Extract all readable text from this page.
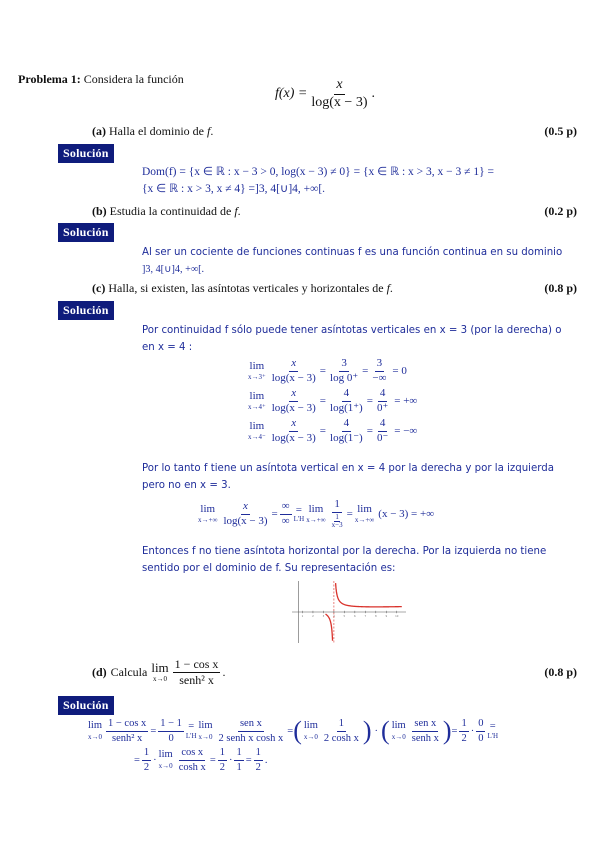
Problema 1: Considera la función
$f(x) = \frac{x}{\log(x - 3)}$ .
(a) Halla el dominio de f.	(0.5 p)
Solución
Dom(f) = {x ∈ ℝ : x − 3 > 0, log(x − 3) ≠ 0} = {x ∈ ℝ : x > 3, x − 3 ≠ 1} =
{x ∈ ℝ : x > 3, x ≠ 4} =]3, 4[∪]4, +∞[.
(b) Estudia la continuidad de f.	(0.2 p)
Solución
Al ser un cociente de funciones continuas f es una función continua en su dominio
]3, 4[∪]4, +∞[.
(c) Halla, si existen, las asíntotas verticales y horizontales de f.	(0.8 p)
Solución
Por continuidad f sólo puede tener asíntotas verticales en x = 3 (por la derecha) o
en x = 4 :
lim
$x\to 3^+ \frac{x}{\log(x - 3)} = \frac{3}{\log 0^+} = \frac{3}{-\infty} = 0$
lim
$x\to 4^+ \frac{x}{\log(x - 3)} = \frac{4}{\log(1^+)} = \frac{4}{0^+}$ = +∞
lim
$x\to 4^- \frac{x}{\log(x - 3)} = \frac{4}{\log(1^-)} = \frac{4}{0^-}$ = −∞
Por lo tanto f tiene un asíntota vertical en x = 4 por la derecha y por la izquierda
pero no en x = 3.
lim
$x\to+\infty \frac{x}{\log(x - 3)} = \frac{\infty}{\infty}$ =
L'H
lim
x→+∞ 1
1
x−3 = lim
x→+∞ (x − 3) = +∞
Entonces f no tiene asíntota horizontal por la derecha. Por la izquierda no tiene
sentido por el dominio de f. Su representación es:
1	2	3	5	6	7	8	9	10
(d) Calcula lim
$x\to 0 \frac{\text{1 − cos x}}{\text{senh² x}}$ .	(0.8 p)
Solución
lim
$x\to 0 \frac{\text{1 − cos x}}{\text{senh² x}} = \frac{1 - 1}{0}$ =
L'H
lim
$x\to 0 \frac{\text{sen x}}{\text{2 senh x cosh x}}$ = ( lim
$x\to 0 \frac{1}{\text{2 cosh x}}$ ) · ( lim
$x\to 0 \frac{\text{sen x}}{\text{senh x}}$ ) = $\frac{1}{2} \cdot \frac{0}{0}$ =
L'H
= $\frac{1}{2} \cdot \lim$
$x\to 0 \frac{\text{cos x}}{\text{cosh x}} = \frac{1}{2} \cdot \frac{1}{1} = \frac{1}{2}$ .
